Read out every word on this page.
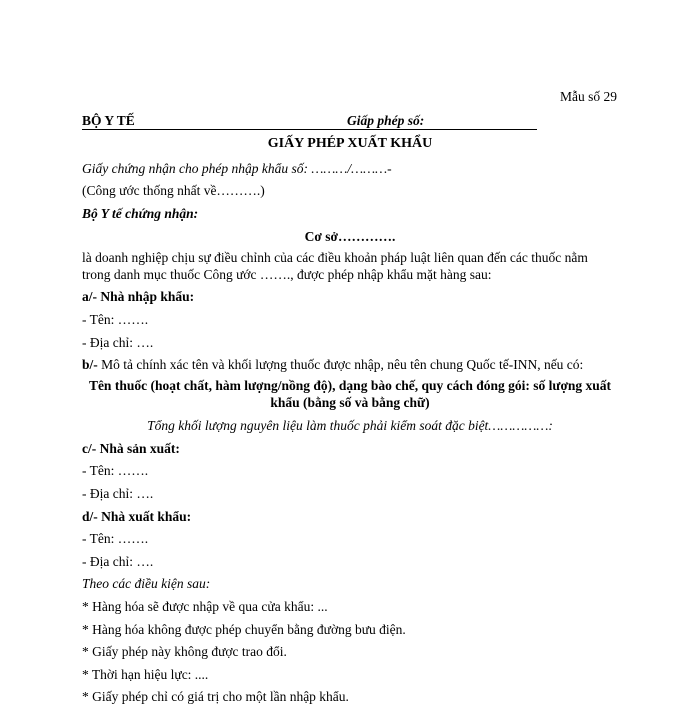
Mẫu số 29
BỘ Y TẾ	Giấp phép số:
GIẤY PHÉP XUẤT KHẨU
Giấy chứng nhận cho phép nhập khẩu số: ………/………-
(Công ước thống nhất về……….)
Bộ Y tế chứng nhận:
Cơ sở………….
là doanh nghiệp chịu sự điều chỉnh của các điều khoản pháp luật liên quan đến các thuốc nằm trong danh mục thuốc Công ước ……., được phép nhập khẩu mặt hàng sau:
a/- Nhà nhập khẩu:
- Tên: …….
- Địa chỉ: ….
b/- Mô tả chính xác tên và khối lượng thuốc được nhập, nêu tên chung Quốc tế-INN, nếu có:
Tên thuốc (hoạt chất, hàm lượng/nồng độ), dạng bào chế, quy cách đóng gói: số lượng xuất khẩu (bằng số và bằng chữ)
Tổng khối lượng nguyên liệu làm thuốc phải kiểm soát đặc biệt……………:
c/- Nhà sản xuất:
- Tên: …….
- Địa chỉ: ….
d/- Nhà xuất khẩu:
- Tên: …….
- Địa chỉ: ….
Theo các điều kiện sau:
* Hàng hóa sẽ được nhập về qua cửa khẩu: ...
* Hàng hóa không được phép chuyển bằng đường bưu điện.
* Giấy phép này không được trao đổi.
* Thời hạn hiệu lực: ....
* Giấy phép chỉ có giá trị cho một lần nhập khẩu.
